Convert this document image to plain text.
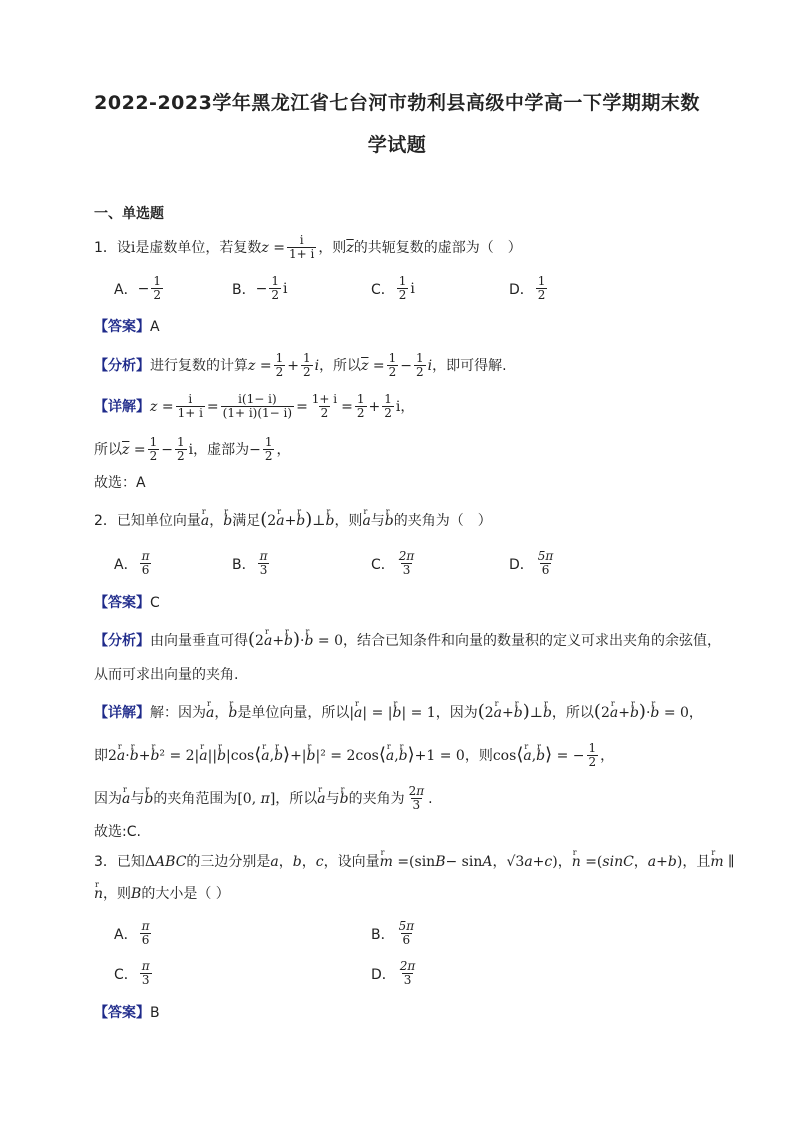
2022-2023学年黑龙江省七台河市勃利县高级中学高一下学期期末数
学试题
一、单选题
1．设 i 是虚数单位，若复数 $z = \frac{i}{1+ i}$ ，则 $\overline{z}$ 的共轭复数的虚部为（　）
A． − $\frac{1}{2}$	B． − $\frac{1}{2}$ i	C． $\frac{1}{2}$ i	D． $\frac{1}{2}$
【答案】A
【分析】 进行复数的计算 $z = \frac{1}{2} + \frac{1}{2}$ i ，所以 $\overline{z} = \frac{1}{2} - \frac{1}{2}$ i ，即可得解.
【详解】 $z = \frac{i}{1+ i} = \frac{i(1- i)}{(1+ i)(1- i)} = \frac{1+ i}{2} = \frac{1}{2} + \frac{1}{2}$ i，
所以 $\overline{z} = \frac{1}{2} - \frac{1}{2}$ i ，虚部为 − $\frac{1}{2}$ ，
故选：A
2．已知单位向量 r a ， r b 满足 (2r a+r b)⊥r b ，则 r a 与 r b 的夹角为（　）
A． $\frac{\pi}{6}$	B． $\frac{\pi}{3}$	C． $\frac{2\pi}{3}$	D． $\frac{5\pi}{6}$
【答案】C
【分析】 由向量垂直可得 (2r a+r b)·r b = 0 ，结合已知条件和向量的数量积的定义可求出夹角的余弦值，
从而可求出向量的夹角.
【详解】 解：因为 r a ， r b 是单位向量，所以 |r a| = |r b| = 1 ，因为 (2r a+r b)⊥r b ，所以 (2r a+r b)·r b = 0，
即 2r a·r b+r b² = 2|r a||r b|cos⟨r a,r b⟩+|r b|² = 2cos⟨r a,r b⟩+1 = 0 ，则 cos⟨r a,r b⟩ = − $\frac{1}{2}$ ，
因为 r a 与 r b 的夹角范围为 [0, π] ，所以 r a 与 r b 的夹角为 $\frac{2\pi}{3}$ .
故选:C.
3．已知 ΔABC 的三边分别是 a ， b ， c ，设向量 r m =(sinB− sinA，√3a+c)，r n =(sinC，a+b) ，且 r m ∥
r n ，则 B 的大小是（ ）
A． $\frac{\pi}{6}$	B． $\frac{5\pi}{6}$
C． $\frac{\pi}{3}$	D． $\frac{2\pi}{3}$
【答案】B
